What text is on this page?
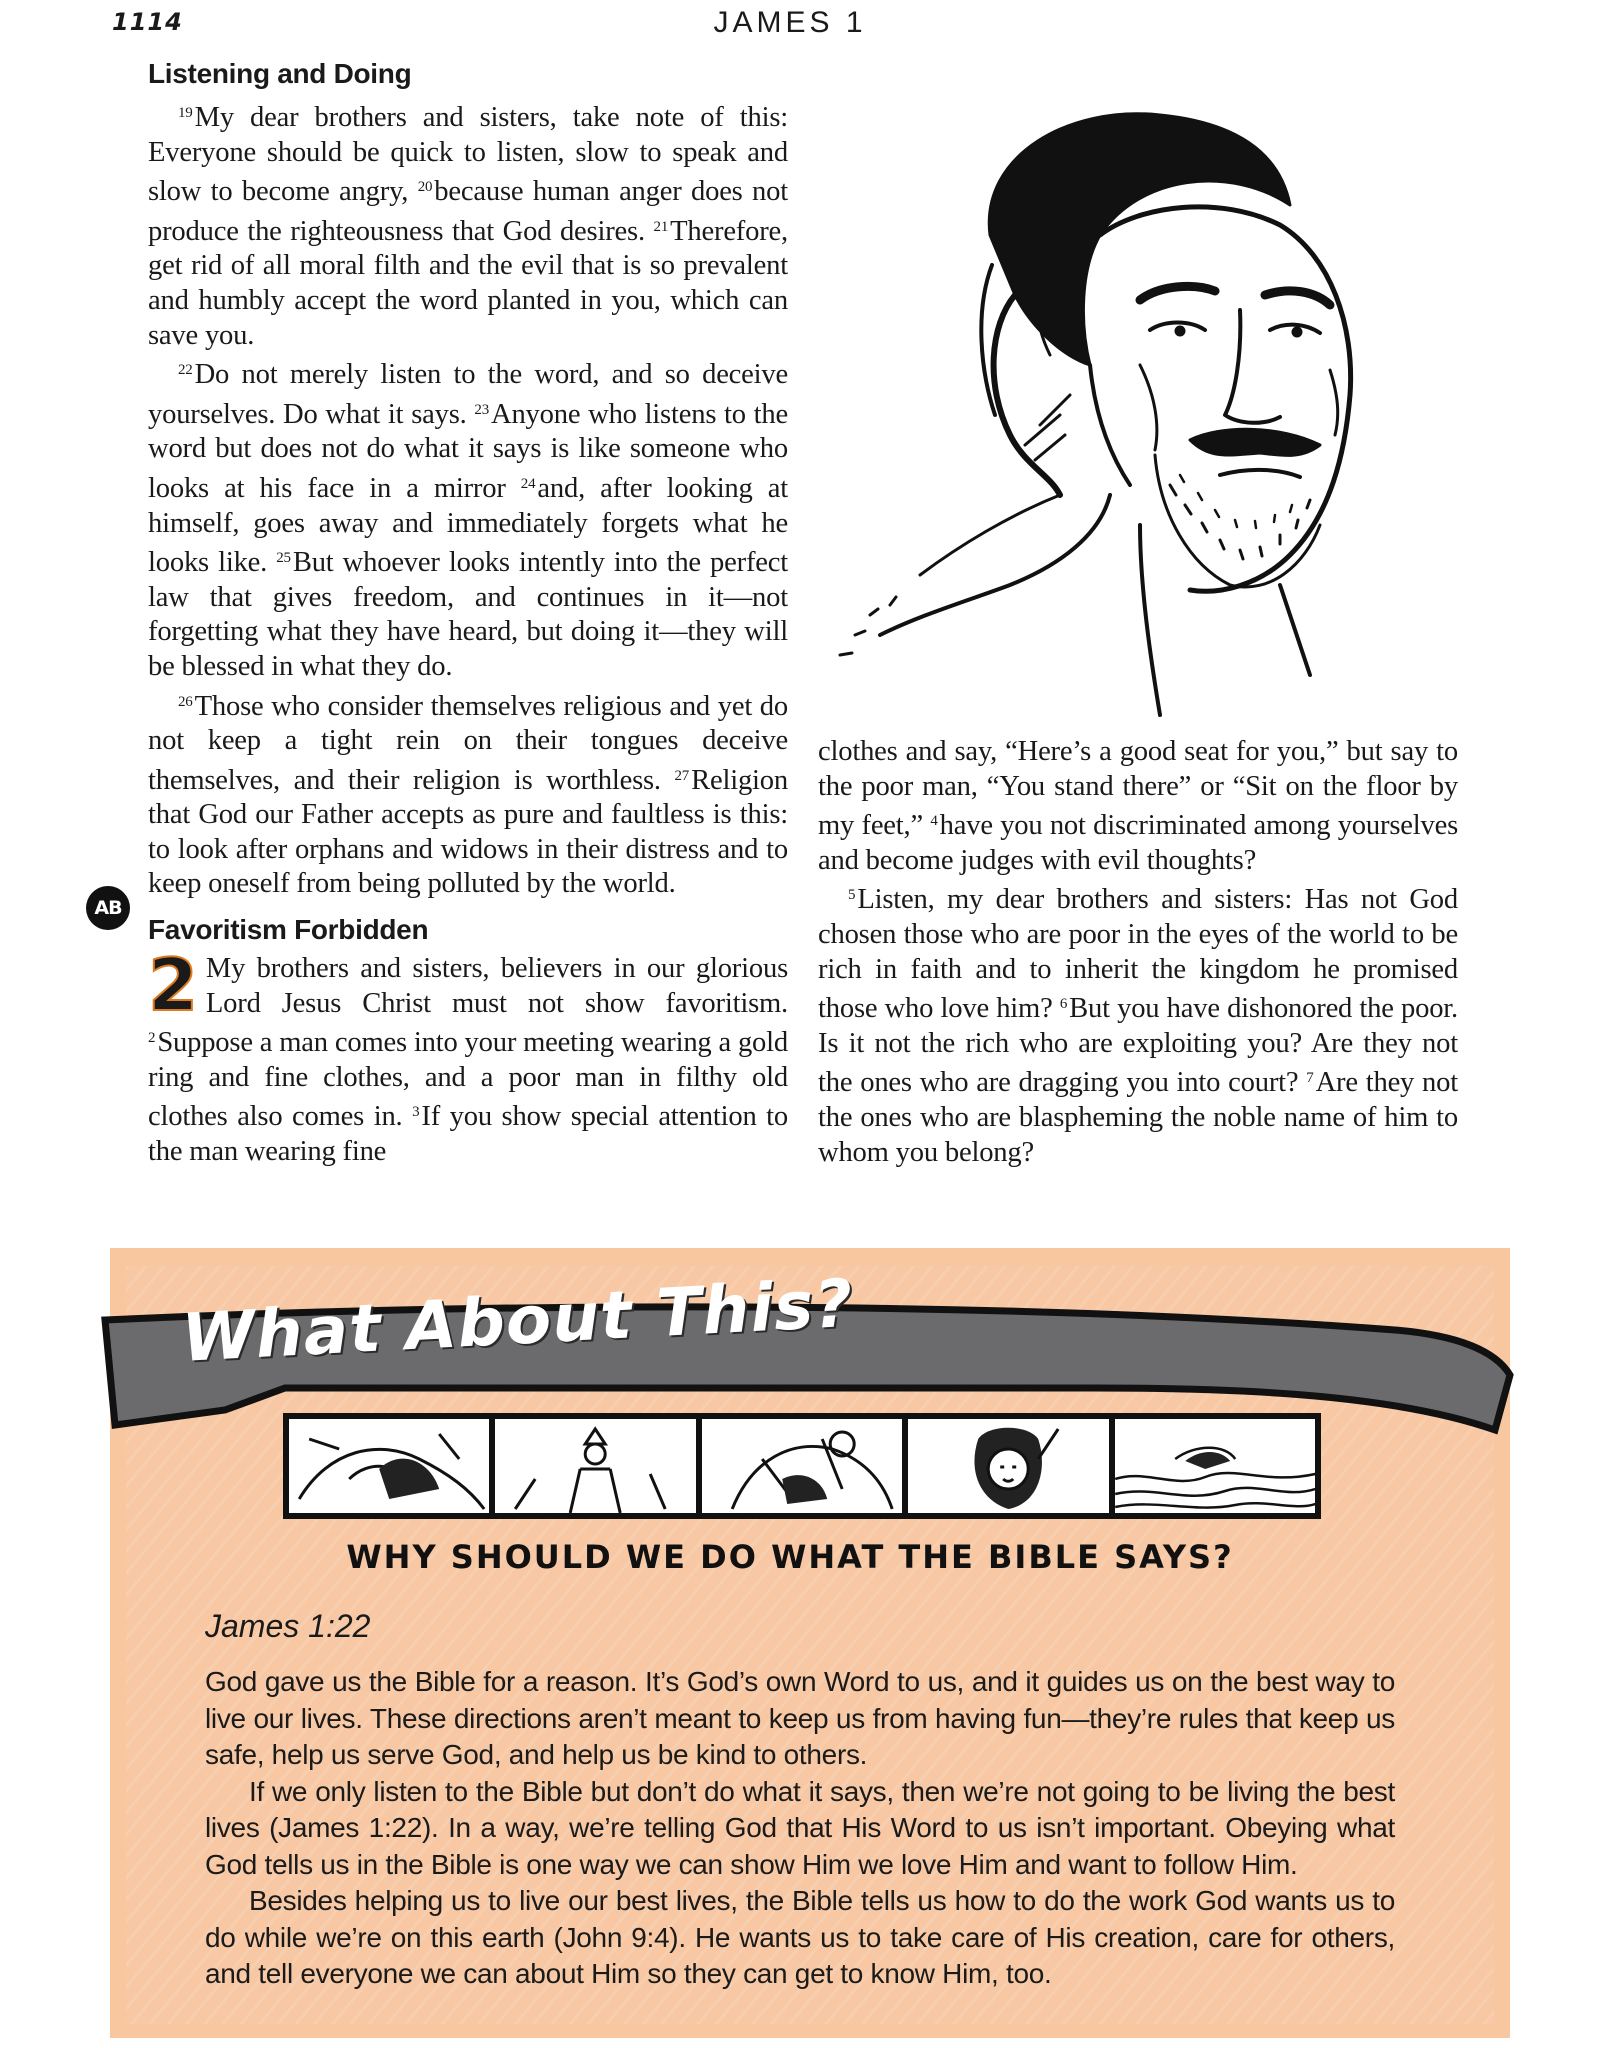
1114	JAMES 1
Listening and Doing

$^{19}$My dear brothers and sisters, take note of this: Everyone should be quick to listen, slow to speak and slow to become angry, $^{20}$because human anger does not produce the righteousness that God desires. $^{21}$Therefore, get rid of all moral filth and the evil that is so prevalent and humbly accept the word planted in you, which can save you.

$^{22}$Do not merely listen to the word, and so deceive yourselves. Do what it says. $^{23}$Anyone who listens to the word but does not do what it says is like someone who looks at his face in a mirror $^{24}$and, after looking at himself, goes away and immediately forgets what he looks like. $^{25}$But whoever looks intently into the perfect law that gives freedom, and continues in it—not forgetting what they have heard, but doing it—they will be blessed in what they do.

$^{26}$Those who consider themselves religious and yet do not keep a tight rein on their tongues deceive themselves, and their religion is worthless. $^{27}$Religion that God our Father accepts as pure and faultless is this: to look after orphans and widows in their distress and to keep oneself from being polluted by the world.

Favoritism Forbidden

2 My brothers and sisters, believers in our glorious Lord Jesus Christ must not show favoritism. $^2$Suppose a man comes into your meeting wearing a gold ring and fine clothes, and a poor man in filthy old clothes also comes in. $^3$If you show special attention to the man wearing fine

AB

clothes and say, “Here’s a good seat for you,” but say to the poor man, “You stand there” or “Sit on the floor by my feet,” $^4$have you not discriminated among yourselves and become judges with evil thoughts?

$^5$Listen, my dear brothers and sisters: Has not God chosen those who are poor in the eyes of the world to be rich in faith and to inherit the kingdom he promised those who love him? $^6$But you have dishonored the poor. Is it not the rich who are exploiting you? Are they not the ones who are dragging you into court? $^7$Are they not the ones who are blaspheming the noble name of him to whom you belong?

What About This?
WHY SHOULD WE DO WHAT THE BIBLE SAYS?
James 1:22

God gave us the Bible for a reason. It’s God’s own Word to us, and it guides us on the best way to live our lives. These directions aren’t meant to keep us from having fun—they’re rules that keep us safe, help us serve God, and help us be kind to others.

If we only listen to the Bible but don’t do what it says, then we’re not going to be living the best lives (James 1:22). In a way, we’re telling God that His Word to us isn’t important. Obeying what God tells us in the Bible is one way we can show Him we love Him and want to follow Him.

Besides helping us to live our best lives, the Bible tells us how to do the work God wants us to do while we’re on this earth (John 9:4). He wants us to take care of His creation, care for others, and tell everyone we can about Him so they can get to know Him, too.
